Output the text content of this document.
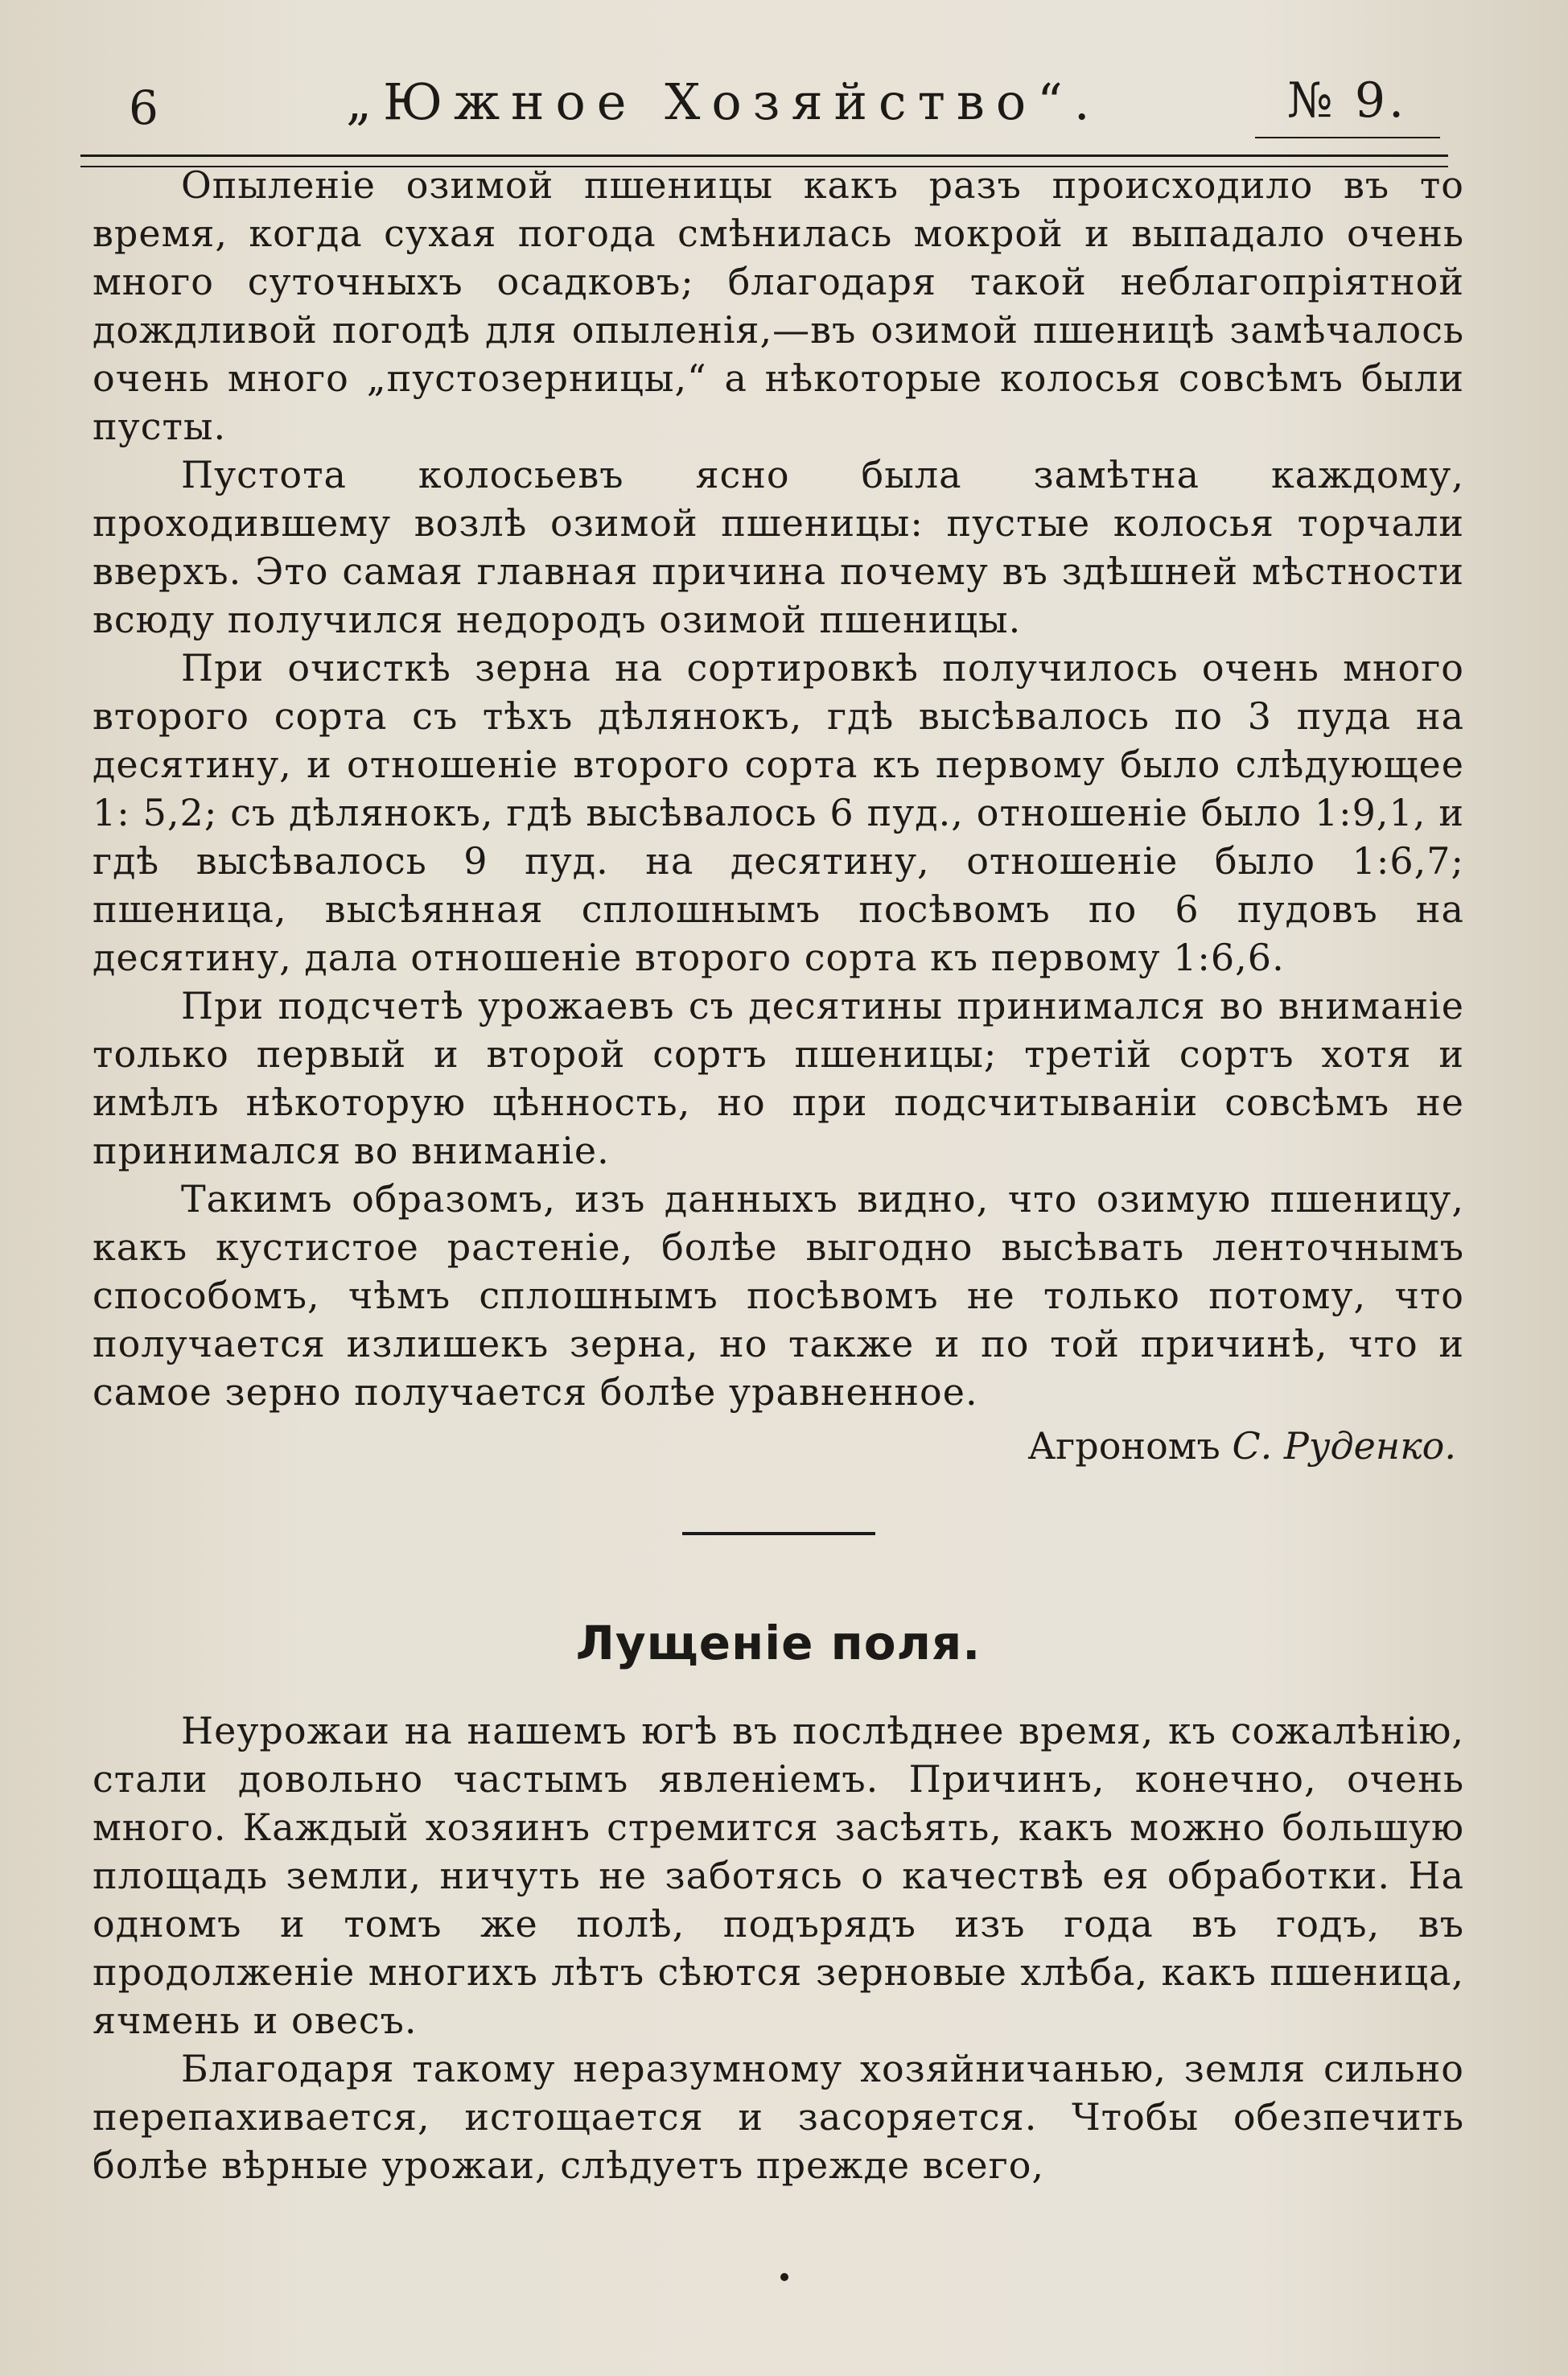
6	„Южное Хозяйство“.	№ 9.

Опыленіе озимой пшеницы какъ разъ происходило въ то время, когда сухая погода смѣнилась мокрой и выпадало очень много суточныхъ осадковъ; благодаря такой неблагопріятной дождливой погодѣ для опыленія,—въ озимой пшеницѣ замѣчалось очень много „пустозерницы,“ а нѣкоторые колосья совсѣмъ были пусты.

Пустота колосьевъ ясно была замѣтна каждому, проходившему возлѣ озимой пшеницы: пустые колосья торчали вверхъ. Это самая главная причина почему въ здѣшней мѣстности всюду получился недородъ озимой пшеницы.

При очисткѣ зерна на сортировкѣ получилось очень много второго сорта съ тѣхъ дѣлянокъ, гдѣ высѣвалось по 3 пуда на десятину, и отношеніе второго сорта къ первому было слѣдующее 1: 5,2; съ дѣлянокъ, гдѣ высѣвалось 6 пуд., отношеніе было 1:9,1, и гдѣ высѣвалось 9 пуд. на десятину, отношеніе было 1:6,7; пшеница, высѣянная сплошнымъ посѣвомъ по 6 пудовъ на десятину, дала отношеніе второго сорта къ первому 1:6,6.

При подсчетѣ урожаевъ съ десятины принимался во вниманіе только первый и второй сортъ пшеницы; третій сортъ хотя и имѣлъ нѣкоторую цѣнность, но при подсчитываніи совсѣмъ не принимался во вниманіе.

Такимъ образомъ, изъ данныхъ видно, что озимую пшеницу, какъ кустистое растеніе, болѣе выгодно высѣвать ленточнымъ способомъ, чѣмъ сплошнымъ посѣвомъ не только потому, что получается излишекъ зерна, но также и по той причинѣ, что и самое зерно получается болѣе уравненное.

Агрономъ С. Руденко.
Лущеніе поля.

Неурожаи на нашемъ югѣ въ послѣднее время, къ сожалѣнію, стали довольно частымъ явленіемъ. Причинъ, конечно, очень много. Каждый хозяинъ стремится засѣять, какъ можно большую площадь земли, ничуть не заботясь о качествѣ ея обработки. На одномъ и томъ же полѣ, подърядъ изъ года въ годъ, въ продолженіе многихъ лѣтъ сѣются зерновые хлѣба, какъ пшеница, ячмень и овесъ.

Благодаря такому неразумному хозяйничанью, земля сильно перепахивается, истощается и засоряется. Чтобы обезпечить болѣе вѣрные урожаи, слѣдуетъ прежде всего,
